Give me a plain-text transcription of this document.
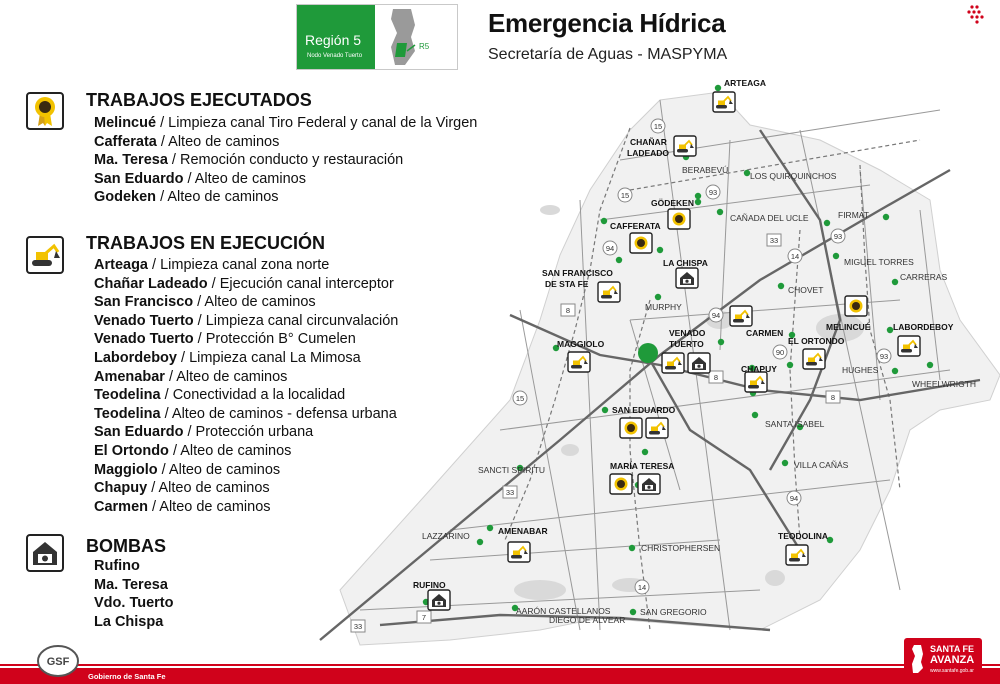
Región 5
Nodo Venado Tuerto
R5
Emergencia Hídrica
Secretaría de Aguas - MASPYMA
TRABAJOS EJECUTADOS
Melincué / Limpieza canal Tiro Federal y canal de la Virgen
Cafferata / Alteo de caminos
Ma. Teresa / Remoción conducto y restauración
San Eduardo / Alteo de caminos
Godeken / Alteo de caminos
TRABAJOS EN EJECUCIÓN
Arteaga / Limpieza canal zona norte
Chañar Ladeado / Ejecución canal interceptor
San Francisco / Alteo de caminos
Venado Tuerto / Limpieza canal circunvalación
Venado Tuerto / Protección B° Cumelen
Labordeboy / Limpieza canal La Mimosa
Amenabar / Alteo de caminos
Teodelina / Conectividad a la localidad
Teodelina / Alteo de caminos - defensa urbana
San Eduardo / Protección urbana
El Ortondo / Alteo de caminos
Maggiolo / Alteo de caminos
Chapuy / Alteo de caminos
Carmen / Alteo de caminos
BOMBAS
Rufino
Ma. Teresa
Vdo. Tuerto
La Chispa
15
93
15
94
33
14
93
8
94
90	93
8
15
8
33
94
14
7
33
ARTEAGA
CHAÑAR
LADEADO
BERABEVÚ
LOS QUIRQUINCHOS
GÖDEKEN
CAÑADA DEL UCLE	FIRMAT
CAFFERATA
MIGUEL TORRES
LA CHISPA
CARRERAS
SAN FRANCISCO
DE STA FE
CHOVET
MURPHY
MELINCUÉ	LABORDEBOY
VENADO
TUERTO
CARMEN
MAGGIOLO	EL ORTONDO
HUGHES
WHEELWRIGTH
CHAPUY
SAN EDUARDO
SANTA ISABEL
SANCTI SPIRITU	MARÍA TERESA	VILLA CAÑÁS
LAZZARINO	AMENABAR	TEODOLINA
CHRISTOPHERSEN
RUFINO
AARÓN CASTELLANOS	SAN GREGORIO
DIEGO DE ALVEAR
GSF
Gobierno de Santa Fe
SANTA FE
AVANZA
www.santafe.gob.ar
